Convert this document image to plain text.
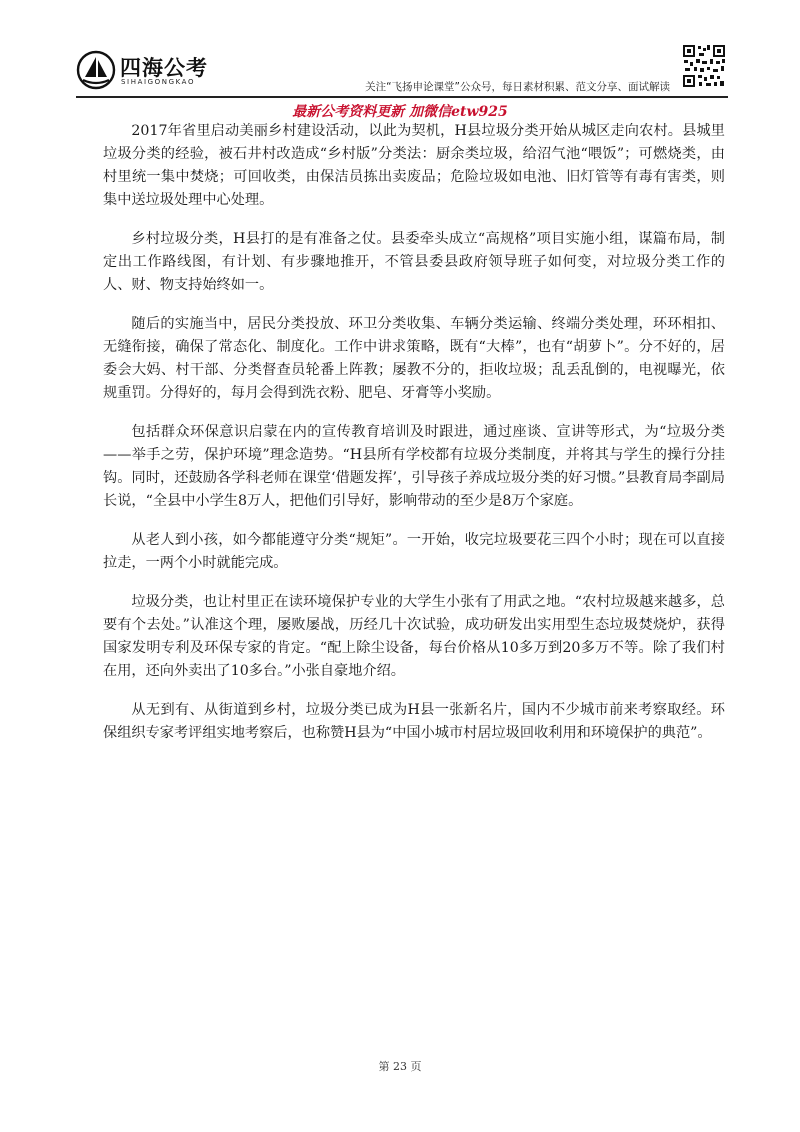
四海公考
SIHAIGONGKAO	关注“飞扬申论课堂”公众号，每日素材积累、范文分享、面试解读
最新公考资料更新 加微信etw925

2017年省里启动美丽乡村建设活动，以此为契机，H县垃圾分类开始从城区走向农村。县城里垃圾分类的经验，被石井村改造成“乡村版”分类法：厨余类垃圾，给沼气池“喂饭”；可燃烧类，由村里统一集中焚烧；可回收类，由保洁员拣出卖废品；危险垃圾如电池、旧灯管等有毒有害类，则集中送垃圾处理中心处理。

乡村垃圾分类，H县打的是有准备之仗。县委牵头成立“高规格”项目实施小组，谋篇布局，制定出工作路线图，有计划、有步骤地推开，不管县委县政府领导班子如何变，对垃圾分类工作的人、财、物支持始终如一。

随后的实施当中，居民分类投放、环卫分类收集、车辆分类运输、终端分类处理，环环相扣、无缝衔接，确保了常态化、制度化。工作中讲求策略，既有“大棒”，也有“胡萝卜”。分不好的，居委会大妈、村干部、分类督查员轮番上阵教；屡教不分的，拒收垃圾；乱丢乱倒的，电视曝光，依规重罚。分得好的，每月会得到洗衣粉、肥皂、牙膏等小奖励。

包括群众环保意识启蒙在内的宣传教育培训及时跟进，通过座谈、宣讲等形式，为“垃圾分类——举手之劳，保护环境”理念造势。“H县所有学校都有垃圾分类制度，并将其与学生的操行分挂钩。同时，还鼓励各学科老师在课堂‘借题发挥’，引导孩子养成垃圾分类的好习惯。”县教育局李副局长说，“全县中小学生8万人，把他们引导好，影响带动的至少是8万个家庭。

从老人到小孩，如今都能遵守分类“规矩”。一开始，收完垃圾要花三四个小时；现在可以直接拉走，一两个小时就能完成。

垃圾分类，也让村里正在读环境保护专业的大学生小张有了用武之地。“农村垃圾越来越多，总要有个去处。”认准这个理，屡败屡战，历经几十次试验，成功研发出实用型生态垃圾焚烧炉，获得国家发明专利及环保专家的肯定。“配上除尘设备，每台价格从10多万到20多万不等。除了我们村在用，还向外卖出了10多台。”小张自豪地介绍。

从无到有、从街道到乡村，垃圾分类已成为H县一张新名片，国内不少城市前来考察取经。环保组织专家考评组实地考察后，也称赞H县为“中国小城市村居垃圾回收利用和环境保护的典范”。

第 23 页
